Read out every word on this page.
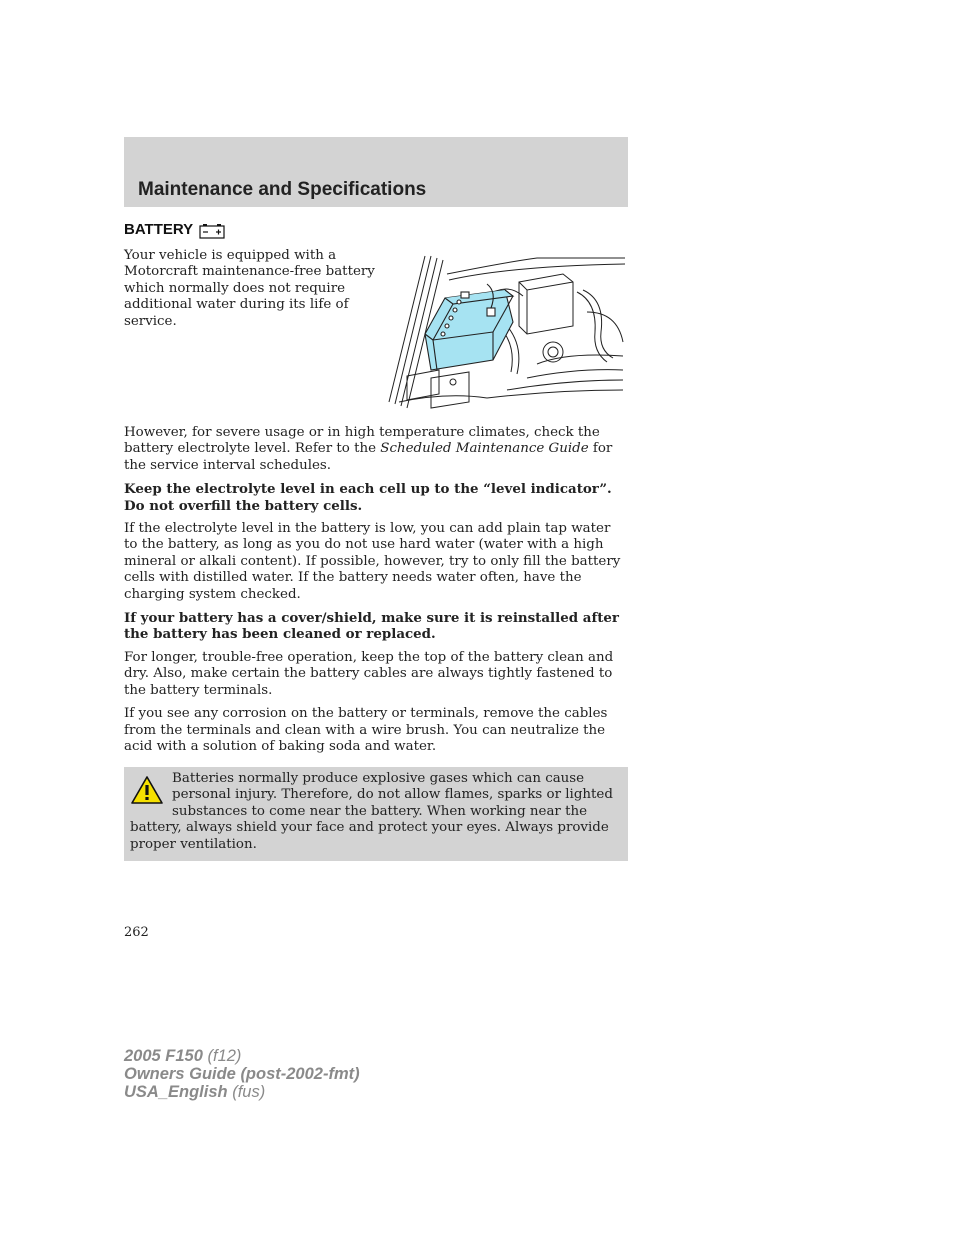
Maintenance and Specifications
BATTERY
Your vehicle is equipped with a Motorcraft maintenance-free battery which normally does not require additional water during its life of service.

However, for severe usage or in high temperature climates, check the battery electrolyte level. Refer to the Scheduled Maintenance Guide for the service interval schedules.

Keep the electrolyte level in each cell up to the “level indicator”. Do not overfill the battery cells.

If the electrolyte level in the battery is low, you can add plain tap water to the battery, as long as you do not use hard water (water with a high mineral or alkali content). If possible, however, try to only fill the battery cells with distilled water. If the battery needs water often, have the charging system checked.

If your battery has a cover/shield, make sure it is reinstalled after the battery has been cleaned or replaced.

For longer, trouble-free operation, keep the top of the battery clean and dry. Also, make certain the battery cables are always tightly fastened to the battery terminals.

If you see any corrosion on the battery or terminals, remove the cables from the terminals and clean with a wire brush. You can neutralize the acid with a solution of baking soda and water.

Batteries normally produce explosive gases which can cause personal injury. Therefore, do not allow flames, sparks or lighted substances to come near the battery. When working near the battery, always shield your face and protect your eyes. Always provide proper ventilation.

262
2005 F150 (f12)
Owners Guide (post-2002-fmt)
USA_English (fus)
